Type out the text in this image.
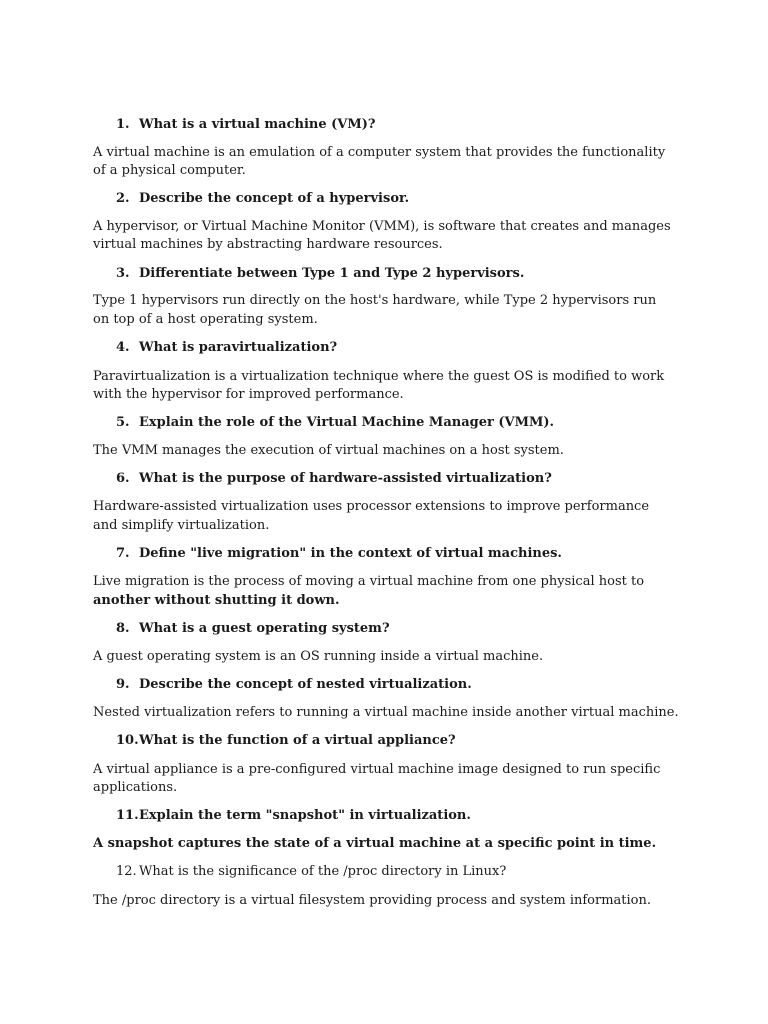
1. What is a virtual machine (VM)?
A virtual machine is an emulation of a computer system that provides the functionality
of a physical computer.
2. Describe the concept of a hypervisor.
A hypervisor, or Virtual Machine Monitor (VMM), is software that creates and manages
virtual machines by abstracting hardware resources.
3. Differentiate between Type 1 and Type 2 hypervisors.
Type 1 hypervisors run directly on the host's hardware, while Type 2 hypervisors run
on top of a host operating system.
4. What is paravirtualization?
Paravirtualization is a virtualization technique where the guest OS is modified to work
with the hypervisor for improved performance.
5. Explain the role of the Virtual Machine Manager (VMM).
The VMM manages the execution of virtual machines on a host system.
6. What is the purpose of hardware-assisted virtualization?
Hardware-assisted virtualization uses processor extensions to improve performance
and simplify virtualization.
7. Define "live migration" in the context of virtual machines.
Live migration is the process of moving a virtual machine from one physical host to
another without shutting it down.
8. What is a guest operating system?
A guest operating system is an OS running inside a virtual machine.
9. Describe the concept of nested virtualization.
Nested virtualization refers to running a virtual machine inside another virtual machine.
10. What is the function of a virtual appliance?
A virtual appliance is a pre-configured virtual machine image designed to run specific
applications.
11. Explain the term "snapshot" in virtualization.
A snapshot captures the state of a virtual machine at a specific point in time.
12. What is the significance of the /proc directory in Linux?
The /proc directory is a virtual filesystem providing process and system information.
